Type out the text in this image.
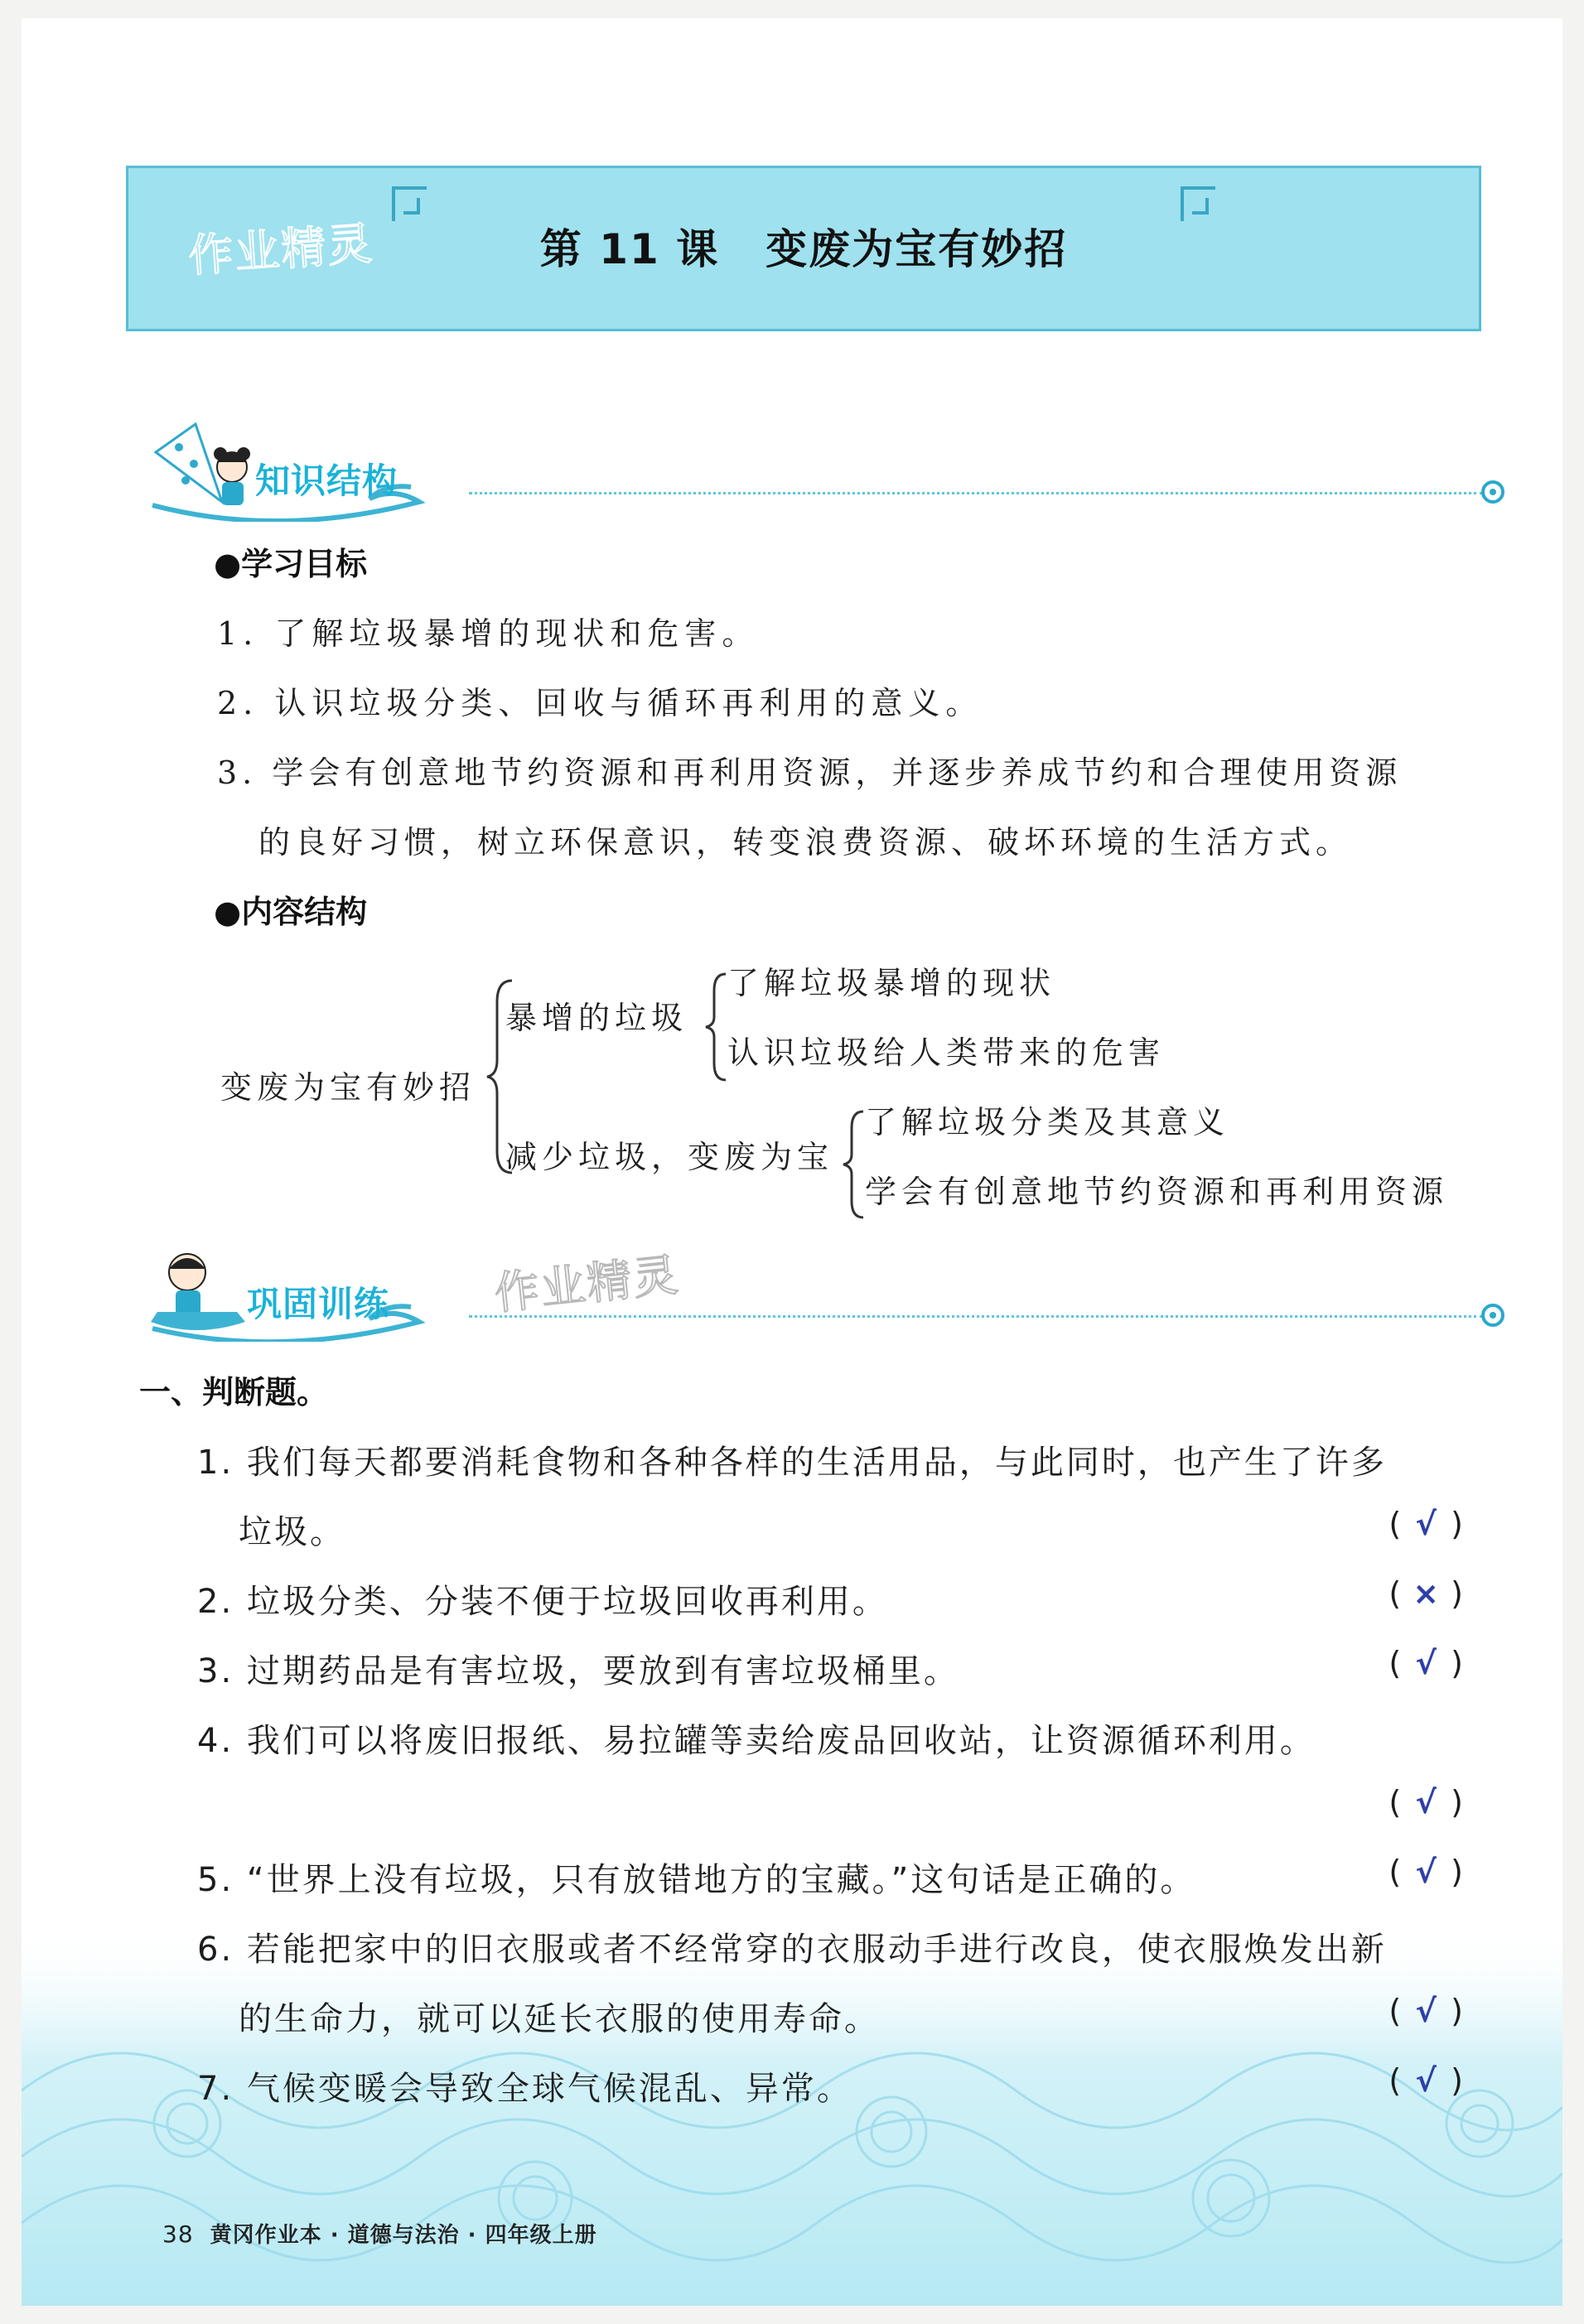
作业精灵	第 11 课 变废为宝有妙招
知识结构
●学习目标
1. 了解垃圾暴增的现状和危害。
2. 认识垃圾分类、回收与循环再利用的意义。
3. 学会有创意地节约资源和再利用资源，并逐步养成节约和合理使用资源
的良好习惯，树立环保意识，转变浪费资源、破坏环境的生活方式。
●内容结构
变废为宝有妙招
暴增的垃圾
了解垃圾暴增的现状
认识垃圾给人类带来的危害
减少垃圾，变废为宝
了解垃圾分类及其意义
学会有创意地节约资源和再利用资源
巩固训练 作业精灵
一、判断题。
1. 我们每天都要消耗食物和各种各样的生活用品，与此同时，也产生了许多
垃圾。	( √ )
2. 垃圾分类、分装不便于垃圾回收再利用。	( × )
3. 过期药品是有害垃圾，要放到有害垃圾桶里。	( √ )
4. 我们可以将废旧报纸、易拉罐等卖给废品回收站，让资源循环利用。
( √ )
5. “世界上没有垃圾，只有放错地方的宝藏。”这句话是正确的。	( √ )
6. 若能把家中的旧衣服或者不经常穿的衣服动手进行改良，使衣服焕发出新
的生命力，就可以延长衣服的使用寿命。	( √ )
7. 气候变暖会导致全球气候混乱、异常。	( √ )
38 黄冈作业本 · 道德与法治 · 四年级上册
